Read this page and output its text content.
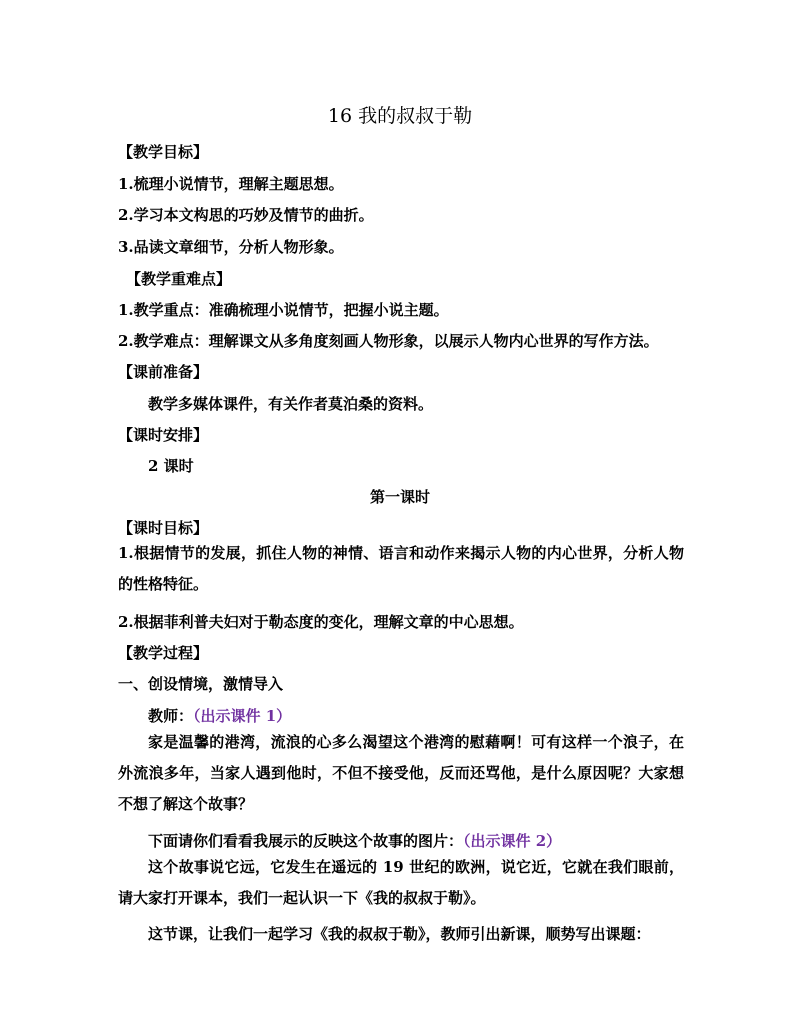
16 我的叔叔于勒
【教学目标】
1.梳理小说情节，理解主题思想。
2.学习本文构思的巧妙及情节的曲折。
3.品读文章细节，分析人物形象。
【教学重难点】
1.教学重点：准确梳理小说情节，把握小说主题。
2.教学难点：理解课文从多角度刻画人物形象，以展示人物内心世界的写作方法。
【课前准备】
教学多媒体课件，有关作者莫泊桑的资料。
【课时安排】
2 课时
第一课时
【课时目标】
1.根据情节的发展，抓住人物的神情、语言和动作来揭示人物的内心世界，分析人物的性格特征。
2.根据菲利普夫妇对于勒态度的变化，理解文章的中心思想。
【教学过程】
一、创设情境，激情导入
教师：（出示课件 1）
家是温馨的港湾，流浪的心多么渴望这个港湾的慰藉啊！可有这样一个浪子，在外流浪多年，当家人遇到他时，不但不接受他，反而还骂他，是什么原因呢？大家想不想了解这个故事？
下面请你们看看我展示的反映这个故事的图片：（出示课件 2）
这个故事说它远，它发生在遥远的 19 世纪的欧洲，说它近，它就在我们眼前，请大家打开课本，我们一起认识一下《我的叔叔于勒》。
这节课，让我们一起学习《我的叔叔于勒》，教师引出新课，顺势写出课题：
